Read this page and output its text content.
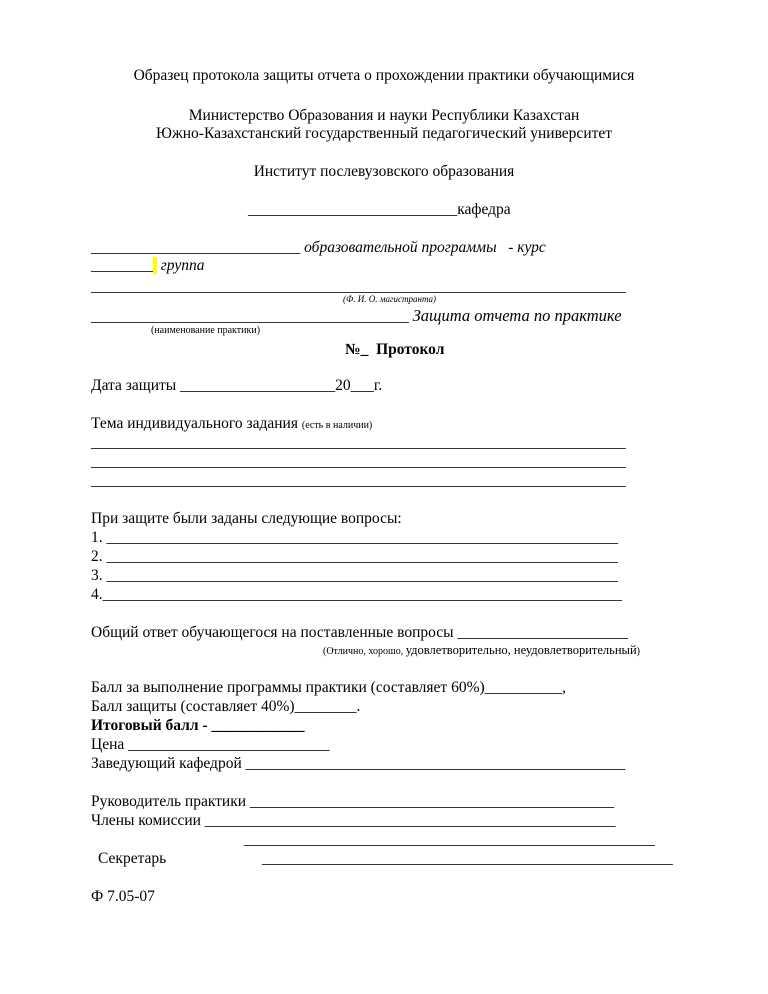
Образец протокола защиты отчета о прохождении практики обучающимися
Министерство Образования и науки Республики Казахстан
Южно-Казахстанский государственный педагогический университет
Институт послевузовского образования
___________________________кафедра
___________________________ образовательной программы   - курс
________ группа
_____________________________________________________________________
(Ф. И. О. магистранта)
_________________________________________ Защита отчета по практике
(наименование практики)
№_  Протокол
Дата защиты ____________________20___г.
Тема индивидуального задания (есть в наличии)
_____________________________________________________________________
_____________________________________________________________________
_____________________________________________________________________
При защите были заданы следующие вопросы:
1. __________________________________________________________________
2. __________________________________________________________________
3. __________________________________________________________________
4.___________________________________________________________________
Общий ответ обучающегося на поставленные вопросы ______________________
(Отлично, хорошо, удовлетворительно, неудовлетворительный)
Балл за выполнение программы практики (составляет 60%)__________,
Балл защиты (составляет 40%)________.
Итоговый балл - ____________
Цена __________________________
Заведующий кафедрой _________________________________________________
Руководитель практики _______________________________________________
Члены комиссии _____________________________________________________
_____________________________________________________
Секретарь	_____________________________________________________
Ф 7.05-07
